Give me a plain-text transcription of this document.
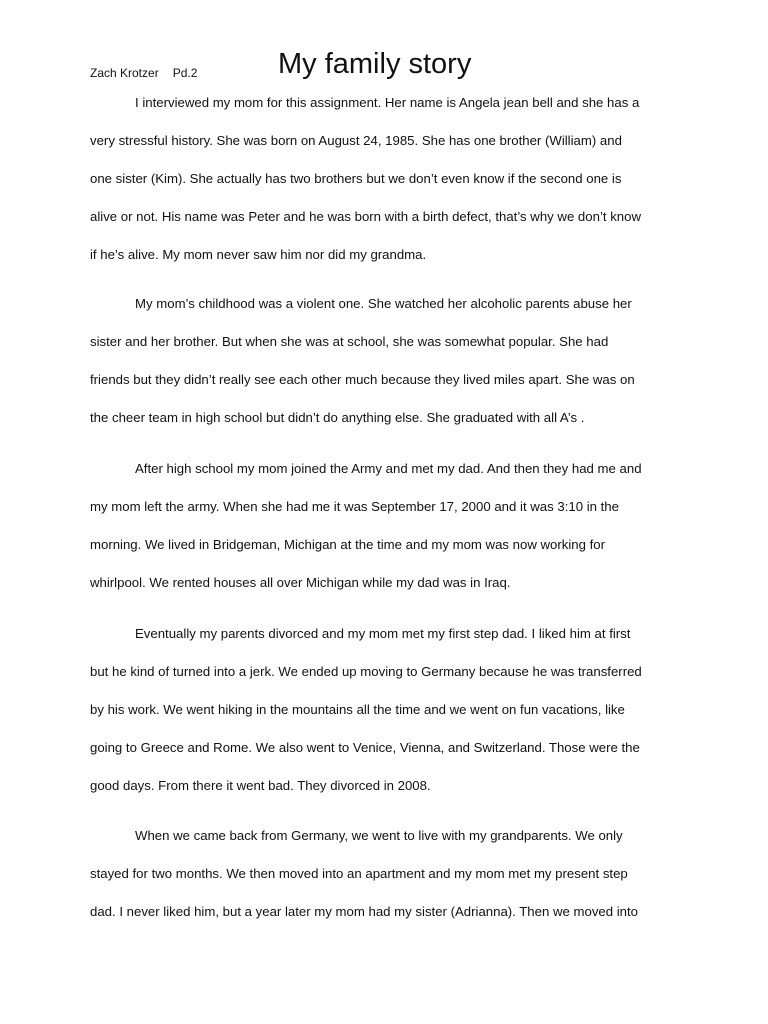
Zach Krotzer Pd.2	My family story
I interviewed my mom for this assignment. Her name is Angela jean bell and she has a
very stressful history. She was born on August 24, 1985. She has one brother (William) and
one sister (Kim). She actually has two brothers but we don’t even know if the second one is
alive or not. His name was Peter and he was born with a birth defect, that’s why we don’t know
if he’s alive. My mom never saw him nor did my grandma.
My mom’s childhood was a violent one. She watched her alcoholic parents abuse her
sister and her brother. But when she was at school, she was somewhat popular. She had
friends but they didn’t really see each other much because they lived miles apart. She was on
the cheer team in high school but didn’t do anything else. She graduated with all A’s .
After high school my mom joined the Army and met my dad. And then they had me and
my mom left the army. When she had me it was September 17, 2000 and it was 3:10 in the
morning. We lived in Bridgeman, Michigan at the time and my mom was now working for
whirlpool. We rented houses all over Michigan while my dad was in Iraq.
Eventually my parents divorced and my mom met my first step dad. I liked him at first
but he kind of turned into a jerk. We ended up moving to Germany because he was transferred
by his work. We went hiking in the mountains all the time and we went on fun vacations, like
going to Greece and Rome. We also went to Venice, Vienna, and Switzerland. Those were the
good days. From there it went bad. They divorced in 2008.
When we came back from Germany, we went to live with my grandparents. We only
stayed for two months. We then moved into an apartment and my mom met my present step
dad. I never liked him, but a year later my mom had my sister (Adrianna). Then we moved into
